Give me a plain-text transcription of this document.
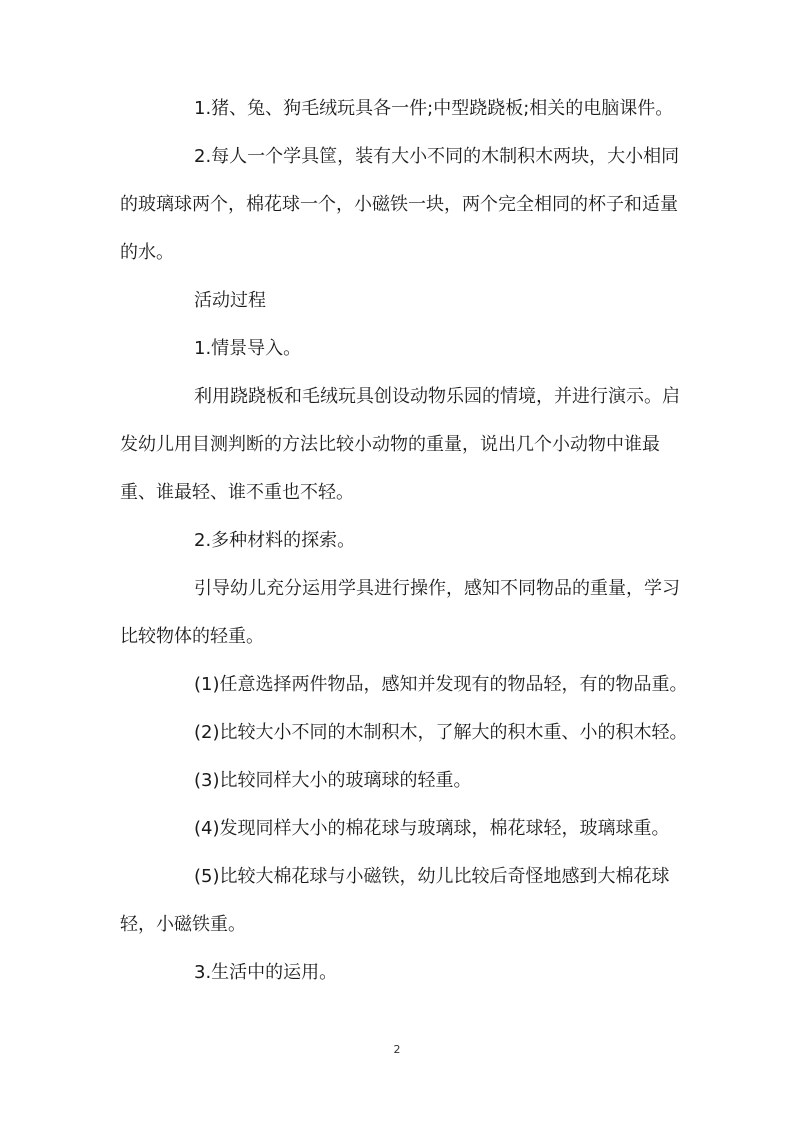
1.猪、兔、狗毛绒玩具各一件;中型跷跷板;相关的电脑课件。

2.每人一个学具筐，装有大小不同的木制积木两块，大小相同的玻璃球两个，棉花球一个，小磁铁一块，两个完全相同的杯子和适量的水。

活动过程

1.情景导入。

利用跷跷板和毛绒玩具创设动物乐园的情境，并进行演示。启发幼儿用目测判断的方法比较小动物的重量，说出几个小动物中谁最重、谁最轻、谁不重也不轻。

2.多种材料的探索。

引导幼儿充分运用学具进行操作，感知不同物品的重量，学习比较物体的轻重。

(1)任意选择两件物品，感知并发现有的物品轻，有的物品重。

(2)比较大小不同的木制积木，了解大的积木重、小的积木轻。

(3)比较同样大小的玻璃球的轻重。

(4)发现同样大小的棉花球与玻璃球，棉花球轻，玻璃球重。

(5)比较大棉花球与小磁铁，幼儿比较后奇怪地感到大棉花球轻，小磁铁重。

3.生活中的运用。

2
